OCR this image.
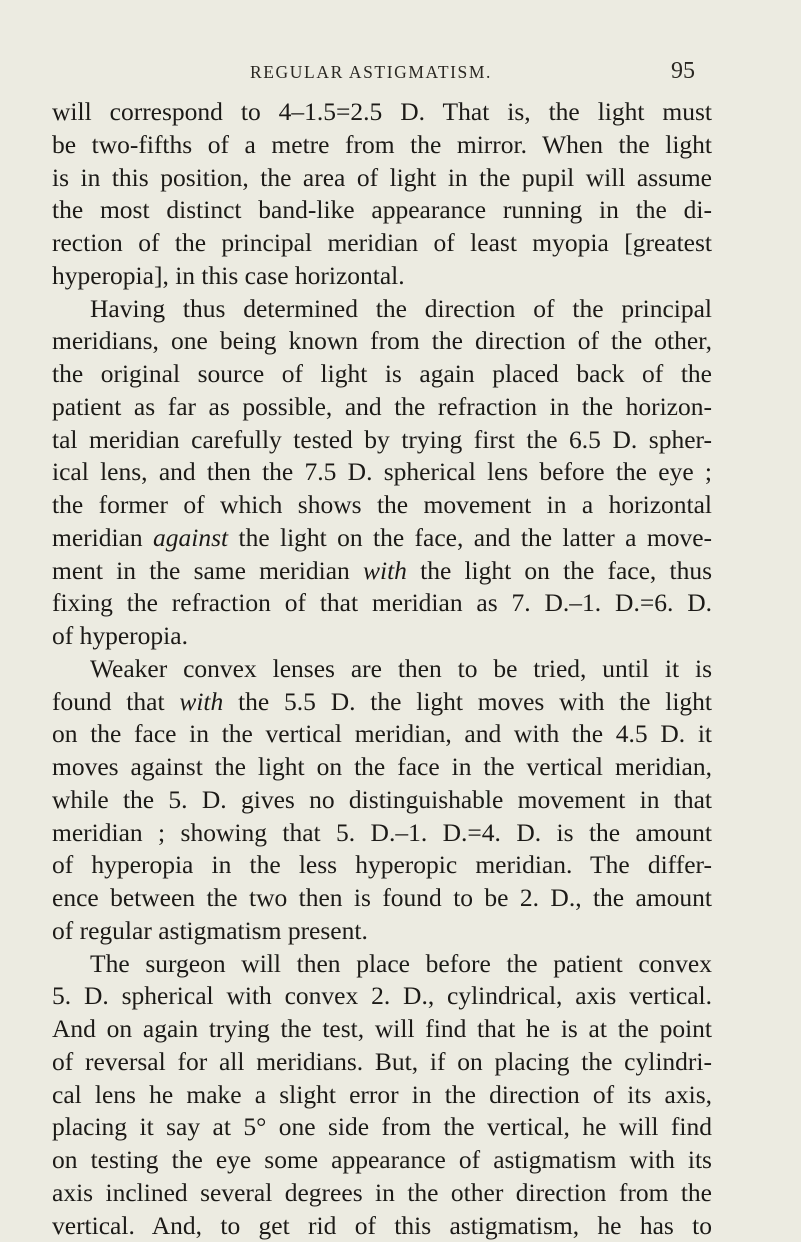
REGULAR ASTIGMATISM.	95
will correspond to 4–1.5=2.5 D. That is, the light must
be two-fifths of a metre from the mirror. When the light
is in this position, the area of light in the pupil will assume
the most distinct band-like appearance running in the di-
rection of the principal meridian of least myopia [greatest
hyperopia], in this case horizontal.
Having thus determined the direction of the principal
meridians, one being known from the direction of the other,
the original source of light is again placed back of the
patient as far as possible, and the refraction in the horizon-
tal meridian carefully tested by trying first the 6.5 D. spher-
ical lens, and then the 7.5 D. spherical lens before the eye ;
the former of which shows the movement in a horizontal
meridian against the light on the face, and the latter a move-
ment in the same meridian with the light on the face, thus
fixing the refraction of that meridian as 7. D.–1. D.=6. D.
of hyperopia.
Weaker convex lenses are then to be tried, until it is
found that with the 5.5 D. the light moves with the light
on the face in the vertical meridian, and with the 4.5 D. it
moves against the light on the face in the vertical meridian,
while the 5. D. gives no distinguishable movement in that
meridian ; showing that 5. D.–1. D.=4. D. is the amount
of hyperopia in the less hyperopic meridian. The differ-
ence between the two then is found to be 2. D., the amount
of regular astigmatism present.
The surgeon will then place before the patient convex
5. D. spherical with convex 2. D., cylindrical, axis vertical.
And on again trying the test, will find that he is at the point
of reversal for all meridians. But, if on placing the cylindri-
cal lens he make a slight error in the direction of its axis,
placing it say at 5° one side from the vertical, he will find
on testing the eye some appearance of astigmatism with its
axis inclined several degrees in the other direction from the
vertical. And, to get rid of this astigmatism, he has to
